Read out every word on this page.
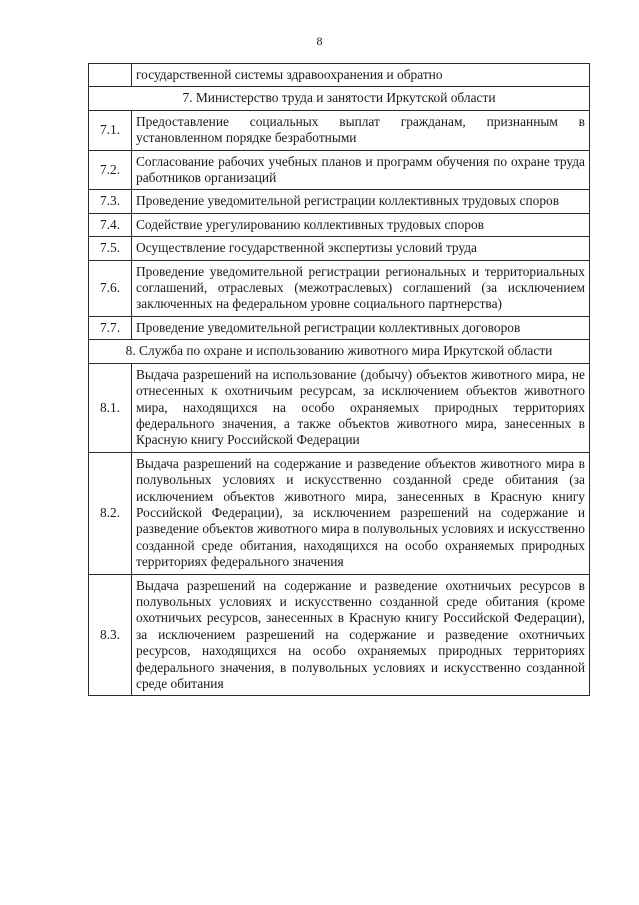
8
	государственной системы здравоохранения и обратно
7. Министерство труда и занятости Иркутской области	
7.1.	Предоставление социальных выплат гражданам, признанным в установленном порядке безработными
7.2.	Согласование рабочих учебных планов и программ обучения по охране труда работников организаций
7.3.	Проведение уведомительной регистрации коллективных трудовых споров
7.4.	Содействие урегулированию коллективных трудовых споров
7.5.	Осуществление государственной экспертизы условий труда
7.6.	Проведение уведомительной регистрации региональных и территориальных соглашений, отраслевых (межотраслевых) соглашений (за исключением заключенных на федеральном уровне социального партнерства)
7.7.	Проведение уведомительной регистрации коллективных договоров
8. Служба по охране и использованию животного мира Иркутской области	
8.1.	Выдача разрешений на использование (добычу) объектов животного мира, не отнесенных к охотничьим ресурсам, за исключением объектов животного мира, находящихся на особо охраняемых природных территориях федерального значения, а также объектов животного мира, занесенных в Красную книгу Российской Федерации
8.2.	Выдача разрешений на содержание и разведение объектов животного мира в полувольных условиях и искусственно созданной среде обитания (за исключением объектов животного мира, занесенных в Красную книгу Российской Федерации), за исключением разрешений на содержание и разведение объектов животного мира в полувольных условиях и искусственно созданной среде обитания, находящихся на особо охраняемых природных территориях федерального значения
8.3.	Выдача разрешений на содержание и разведение охотничьих ресурсов в полувольных условиях и искусственно созданной среде обитания (кроме охотничьих ресурсов, занесенных в Красную книгу Российской Федерации), за исключением разрешений на содержание и разведение охотничьих ресурсов, находящихся на особо охраняемых природных территориях федерального значения, в полувольных условиях и искусственно созданной среде обитания
